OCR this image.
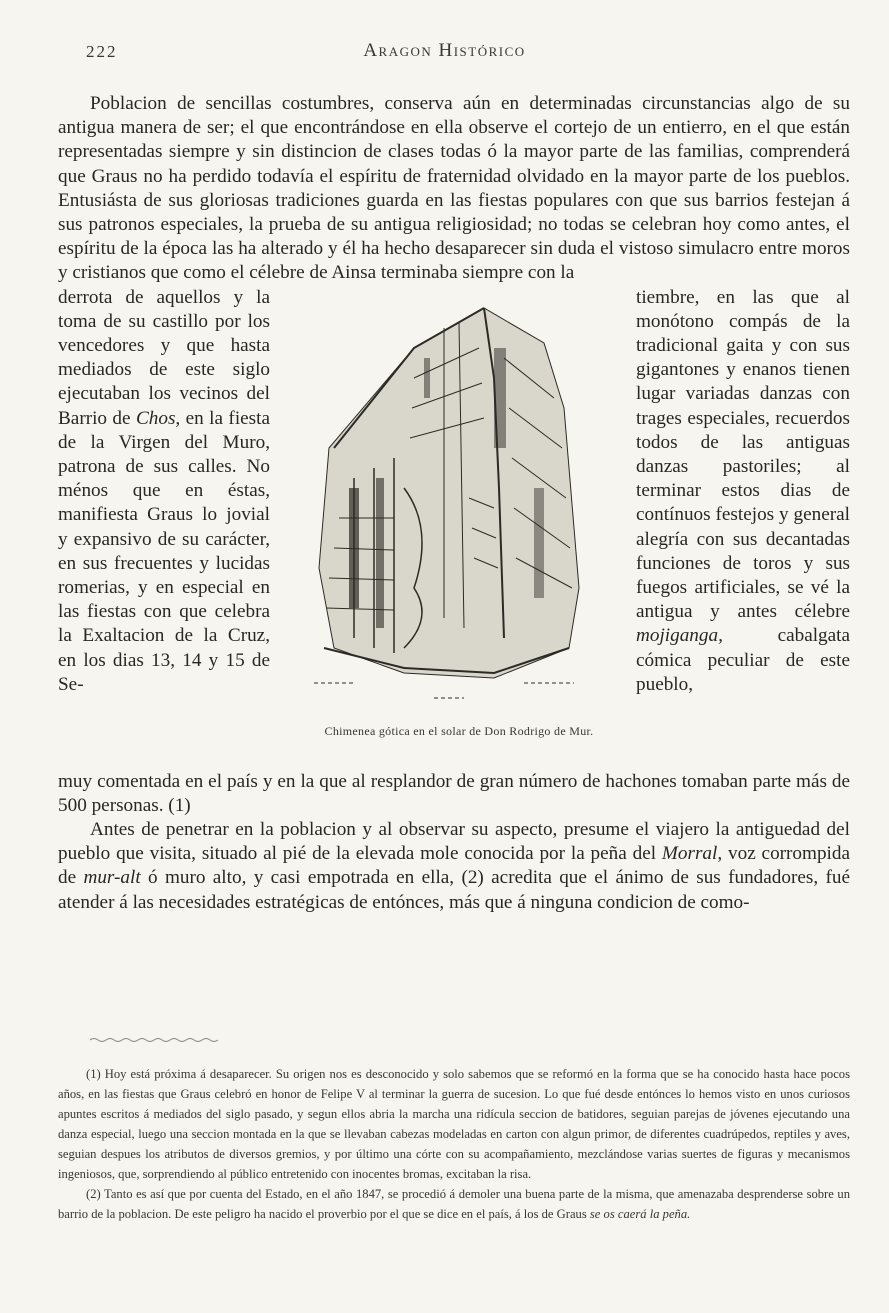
222	Aragon Histórico

Poblacion de sencillas costumbres, conserva aún en determinadas circunstancias algo de su antigua manera de ser; el que encontrándose en ella observe el cortejo de un entierro, en el que están representadas siempre y sin distincion de clases todas ó la mayor parte de las familias, comprenderá que Graus no ha perdido todavía el espíritu de fraternidad olvidado en la mayor parte de los pueblos. Entusiásta de sus gloriosas tradiciones guarda en las fiestas populares con que sus barrios festejan á sus patronos especiales, la prueba de su antigua religiosidad; no todas se celebran hoy como antes, el espíritu de la época las ha alterado y él ha hecho desaparecer sin duda el vistoso simulacro entre moros y cristianos que como el célebre de Ainsa terminaba siempre con la

derrota de aquellos y la toma de su castillo por los vencedores y que hasta mediados de este siglo ejecutaban los vecinos del Barrio de Chos, en la fiesta de la Virgen del Muro, patrona de sus calles. No ménos que en éstas, manifiesta Graus lo jovial y expansivo de su carácter, en sus frecuentes y lucidas romerias, y en especial en las fiestas con que celebra la Exaltacion de la Cruz, en los dias 13, 14 y 15 de Se-
Chimenea gótica en el solar de Don Rodrigo de Mur.
tiembre, en las que al monótono compás de la tradicional gaita y con sus gigantones y enanos tienen lugar variadas danzas con trages especiales, recuerdos todos de las antiguas danzas pastoriles; al terminar estos dias de contínuos festejos y general alegría con sus decantadas funciones de toros y sus fuegos artificiales, se vé la antigua y antes célebre mojiganga, cabalgata cómica peculiar de este pueblo,

muy comentada en el país y en la que al resplandor de gran número de hachones tomaban parte más de 500 personas. (1)

Antes de penetrar en la poblacion y al observar su aspecto, presume el viajero la antiguedad del pueblo que visita, situado al pié de la elevada mole conocida por la peña del Morral, voz corrompida de mur-alt ó muro alto, y casi empotrada en ella, (2) acredita que el ánimo de sus fundadores, fué atender á las necesidades estratégicas de entónces, más que á ninguna condicion de como-

(1) Hoy está próxima á desaparecer. Su origen nos es desconocido y solo sabemos que se reformó en la forma que se ha conocido hasta hace pocos años, en las fiestas que Graus celebró en honor de Felipe V al terminar la guerra de sucesion. Lo que fué desde entónces lo hemos visto en unos curiosos apuntes escritos á mediados del siglo pasado, y segun ellos abria la marcha una ridícula seccion de batidores, seguian parejas de jóvenes ejecutando una danza especial, luego una seccion montada en la que se llevaban cabezas modeladas en carton con algun primor, de diferentes cuadrúpedos, reptiles y aves, seguian despues los atributos de diversos gremios, y por último una córte con su acompañamiento, mezclándose varias suertes de figuras y mecanismos ingeniosos, que, sorprendiendo al público entretenido con inocentes bromas, excitaban la risa.

(2) Tanto es así que por cuenta del Estado, en el año 1847, se procedió á demoler una buena parte de la misma, que amenazaba desprenderse sobre un barrio de la poblacion. De este peligro ha nacido el proverbio por el que se dice en el país, á los de Graus se os caerá la peña.
